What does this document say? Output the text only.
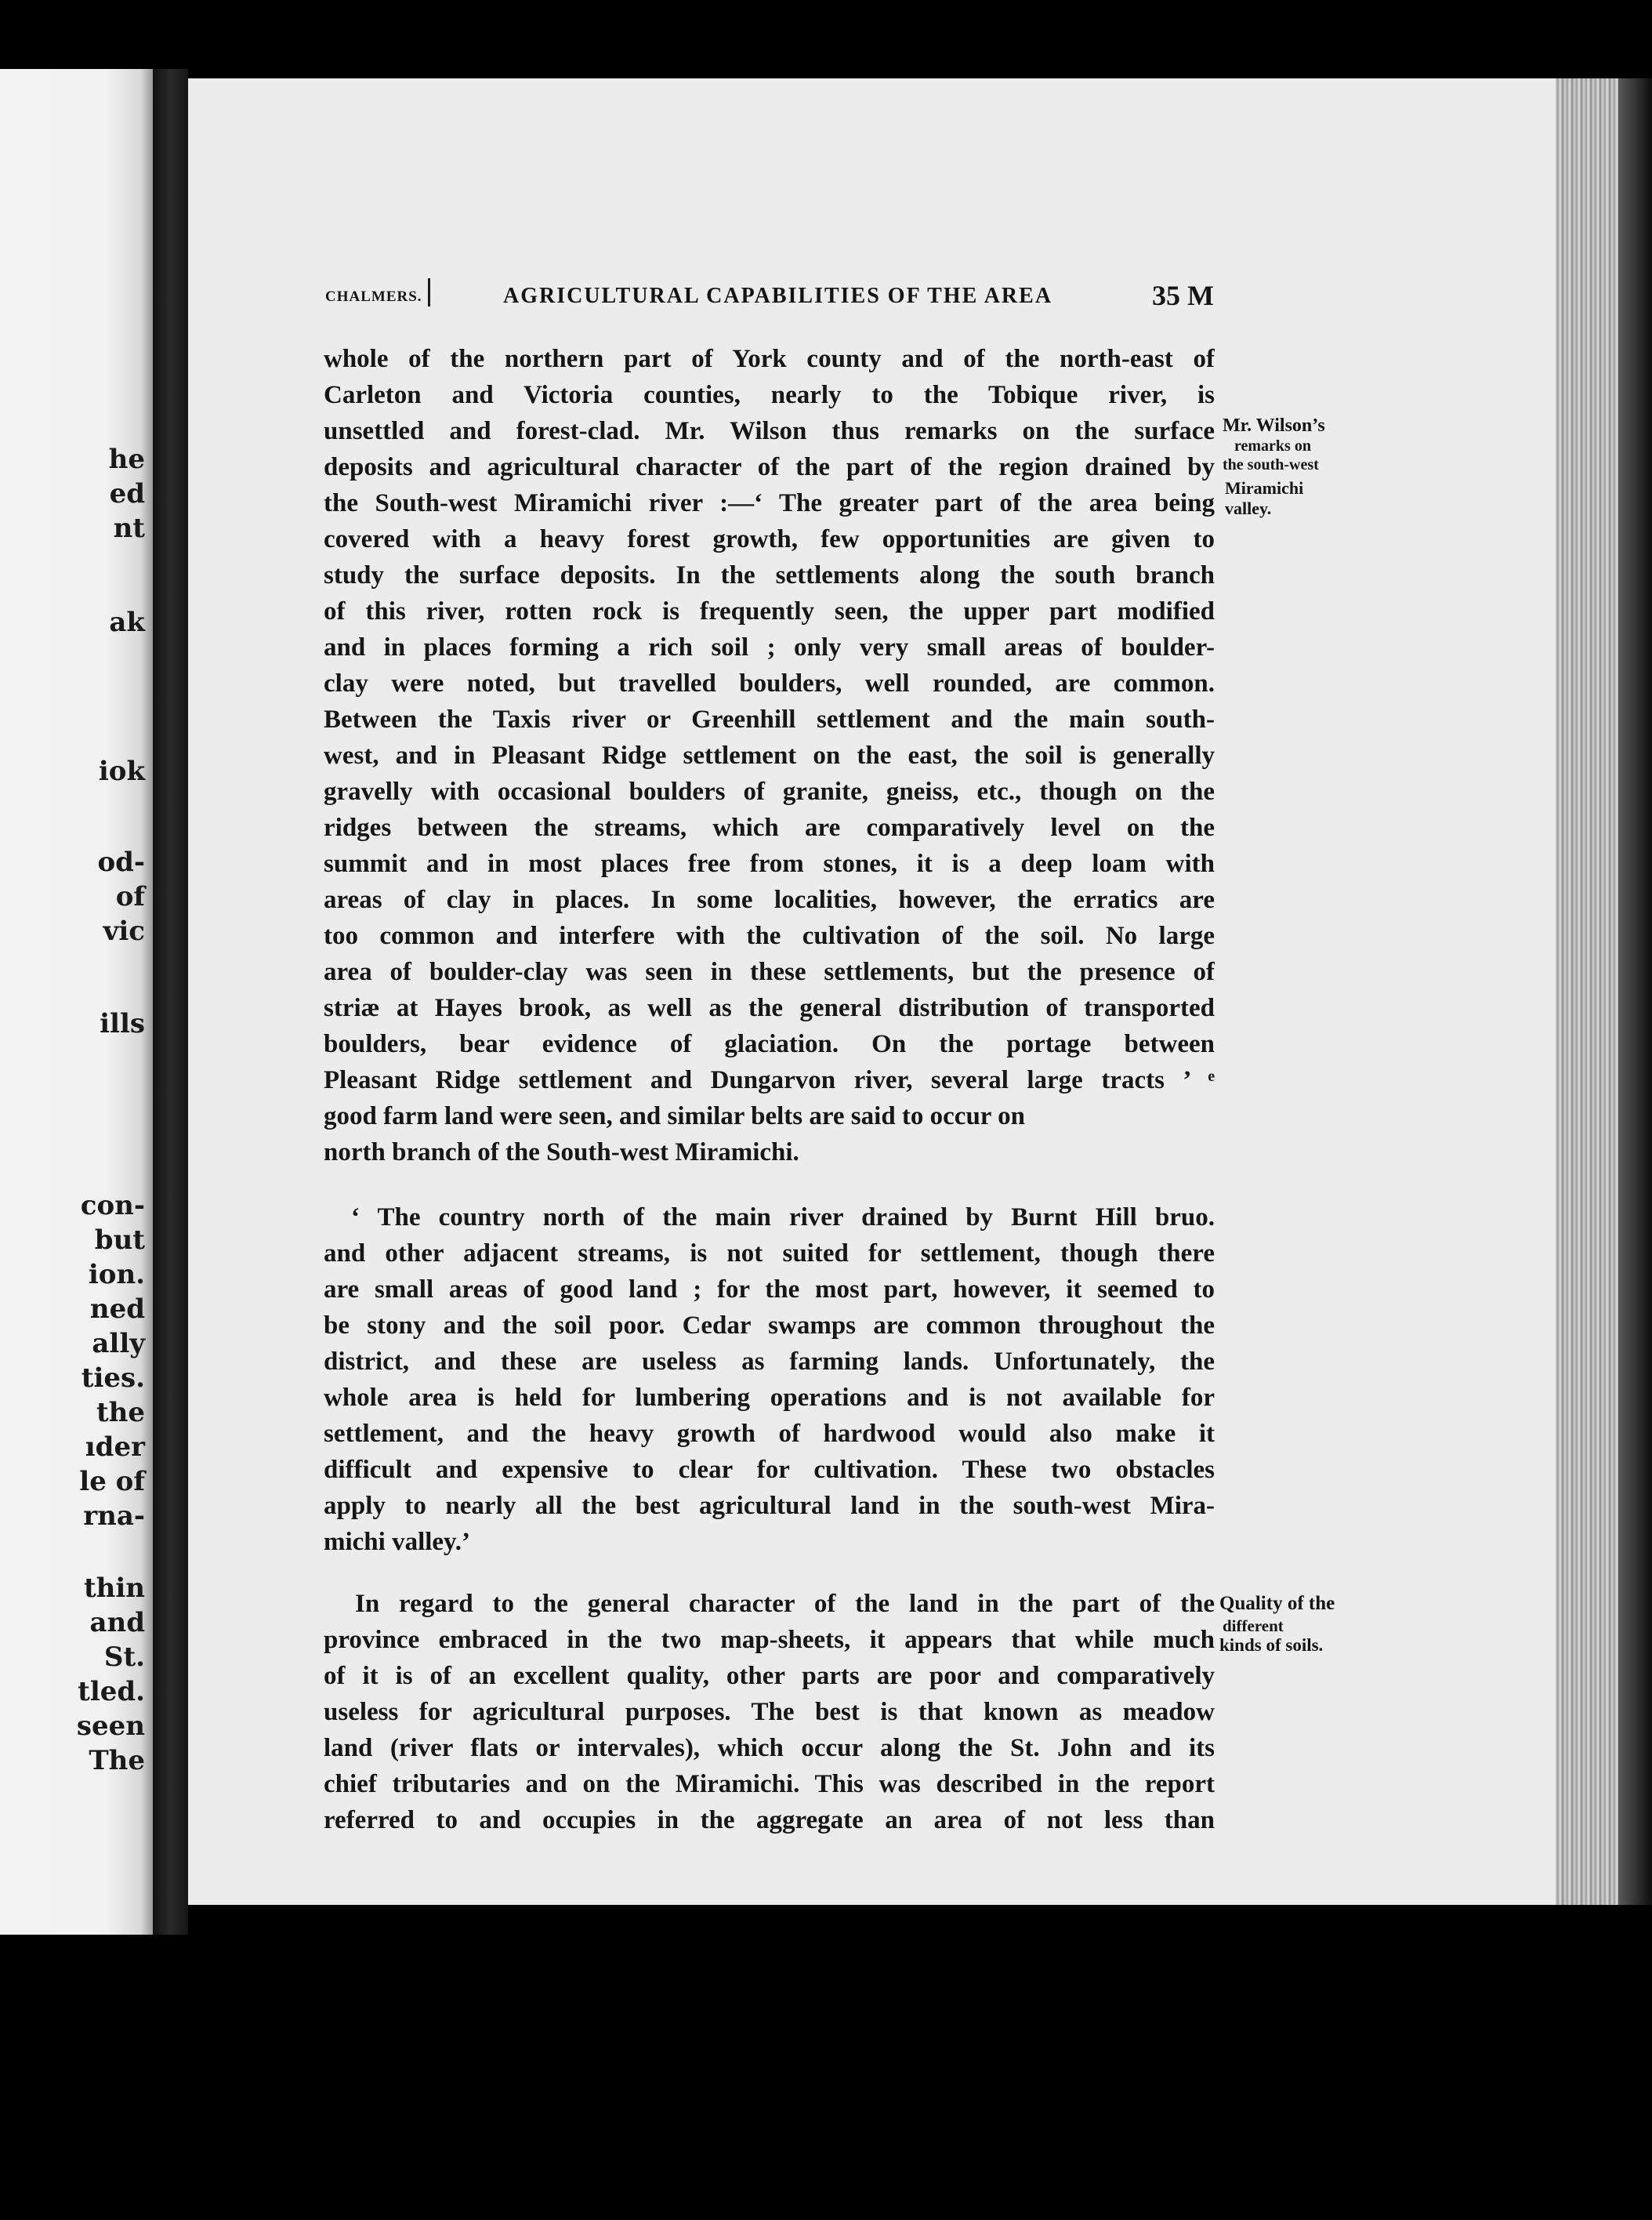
he
ed
nt
ak
iok
od-
of
vic
ills
con-
but
ion.
ned
ally
ties.
the
ıder
le of
rna-
thin
and
St.
tled.
seen
The
CHALMERS.	AGRICULTURAL CAPABILITIES OF THE AREA	35 M
whole of the northern part of York county and of the north-east of
Carleton and Victoria counties, nearly to the Tobique river, is
unsettled and forest-clad. Mr. Wilson thus remarks on the surface
deposits and agricultural character of the part of the region drained by
the South-west Miramichi river :—‘ The greater part of the area being
covered with a heavy forest growth, few opportunities are given to
study the surface deposits. In the settlements along the south branch
of this river, rotten rock is frequently seen, the upper part modified
and in places forming a rich soil ; only very small areas of boulder-
clay were noted, but travelled boulders, well rounded, are common.
Between the Taxis river or Greenhill settlement and the main south-
west, and in Pleasant Ridge settlement on the east, the soil is generally
gravelly with occasional boulders of granite, gneiss, etc., though on the
ridges between the streams, which are comparatively level on the
summit and in most places free from stones, it is a deep loam with
areas of clay in places. In some localities, however, the erratics are
too common and interfere with the cultivation of the soil. No large
area of boulder-clay was seen in these settlements, but the presence of
striæ at Hayes brook, as well as the general distribution of transported
boulders, bear evidence of glaciation. On the portage between
Pleasant Ridge settlement and Dungarvon river, several large tracts ’ ᵉ
good farm land were seen, and similar belts are said to occur on
north branch of the South-west Miramichi.
‘ The country north of the main river drained by Burnt Hill bruo.
and other adjacent streams, is not suited for settlement, though there
are small areas of good land ; for the most part, however, it seemed to
be stony and the soil poor. Cedar swamps are common throughout the
district, and these are useless as farming lands. Unfortunately, the
whole area is held for lumbering operations and is not available for
settlement, and the heavy growth of hardwood would also make it
difficult and expensive to clear for cultivation. These two obstacles
apply to nearly all the best agricultural land in the south-west Mira-
michi valley.’
In regard to the general character of the land in the part of the
province embraced in the two map-sheets, it appears that while much
of it is of an excellent quality, other parts are poor and comparatively
useless for agricultural purposes. The best is that known as meadow
land (river flats or intervales), which occur along the St. John and its
chief tributaries and on the Miramichi. This was described in the report
referred to and occupies in the aggregate an area of not less than
Mr. Wilson’s
remarks on
the south-west
Miramichi
valley.
Quality of the
different
kinds of soils.
